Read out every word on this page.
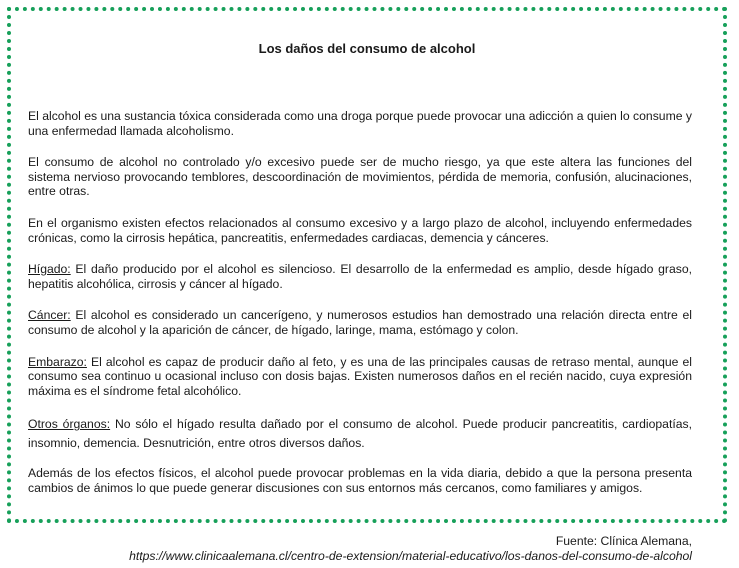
Los daños del consumo de alcohol

El alcohol es una sustancia tóxica considerada como una droga porque puede provocar una adicción a quien lo consume y una enfermedad llamada alcoholismo.

El consumo de alcohol no controlado y/o excesivo puede ser de mucho riesgo, ya que este altera las funciones del sistema nervioso provocando temblores, descoordinación de movimientos, pérdida de memoria, confusión, alucinaciones, entre otras.

En el organismo existen efectos relacionados al consumo excesivo y a largo plazo de alcohol, incluyendo enfermedades crónicas, como la cirrosis hepática, pancreatitis, enfermedades cardiacas, demencia y cánceres.

Hígado: El daño producido por el alcohol es silencioso. El desarrollo de la enfermedad es amplio, desde hígado graso, hepatitis alcohólica, cirrosis y cáncer al hígado.

Cáncer: El alcohol es considerado un cancerígeno, y numerosos estudios han demostrado una relación directa entre el consumo de alcohol y la aparición de cáncer, de hígado, laringe, mama, estómago y colon.

Embarazo: El alcohol es capaz de producir daño al feto, y es una de las principales causas de retraso mental, aunque el consumo sea continuo u ocasional incluso con dosis bajas. Existen numerosos daños en el recién nacido, cuya expresión máxima es el síndrome fetal alcohólico.

Otros órganos: No sólo el hígado resulta dañado por el consumo de alcohol. Puede producir pancreatitis, cardiopatías, insomnio, demencia. Desnutrición, entre otros diversos daños.

Además de los efectos físicos, el alcohol puede provocar problemas en la vida diaria, debido a que la persona presenta cambios de ánimos lo que puede generar discusiones con sus entornos más cercanos, como familiares y amigos.

Fuente: Clínica Alemana,
https://www.clinicaalemana.cl/centro-de-extension/material-educativo/los-danos-del-consumo-de-alcohol
